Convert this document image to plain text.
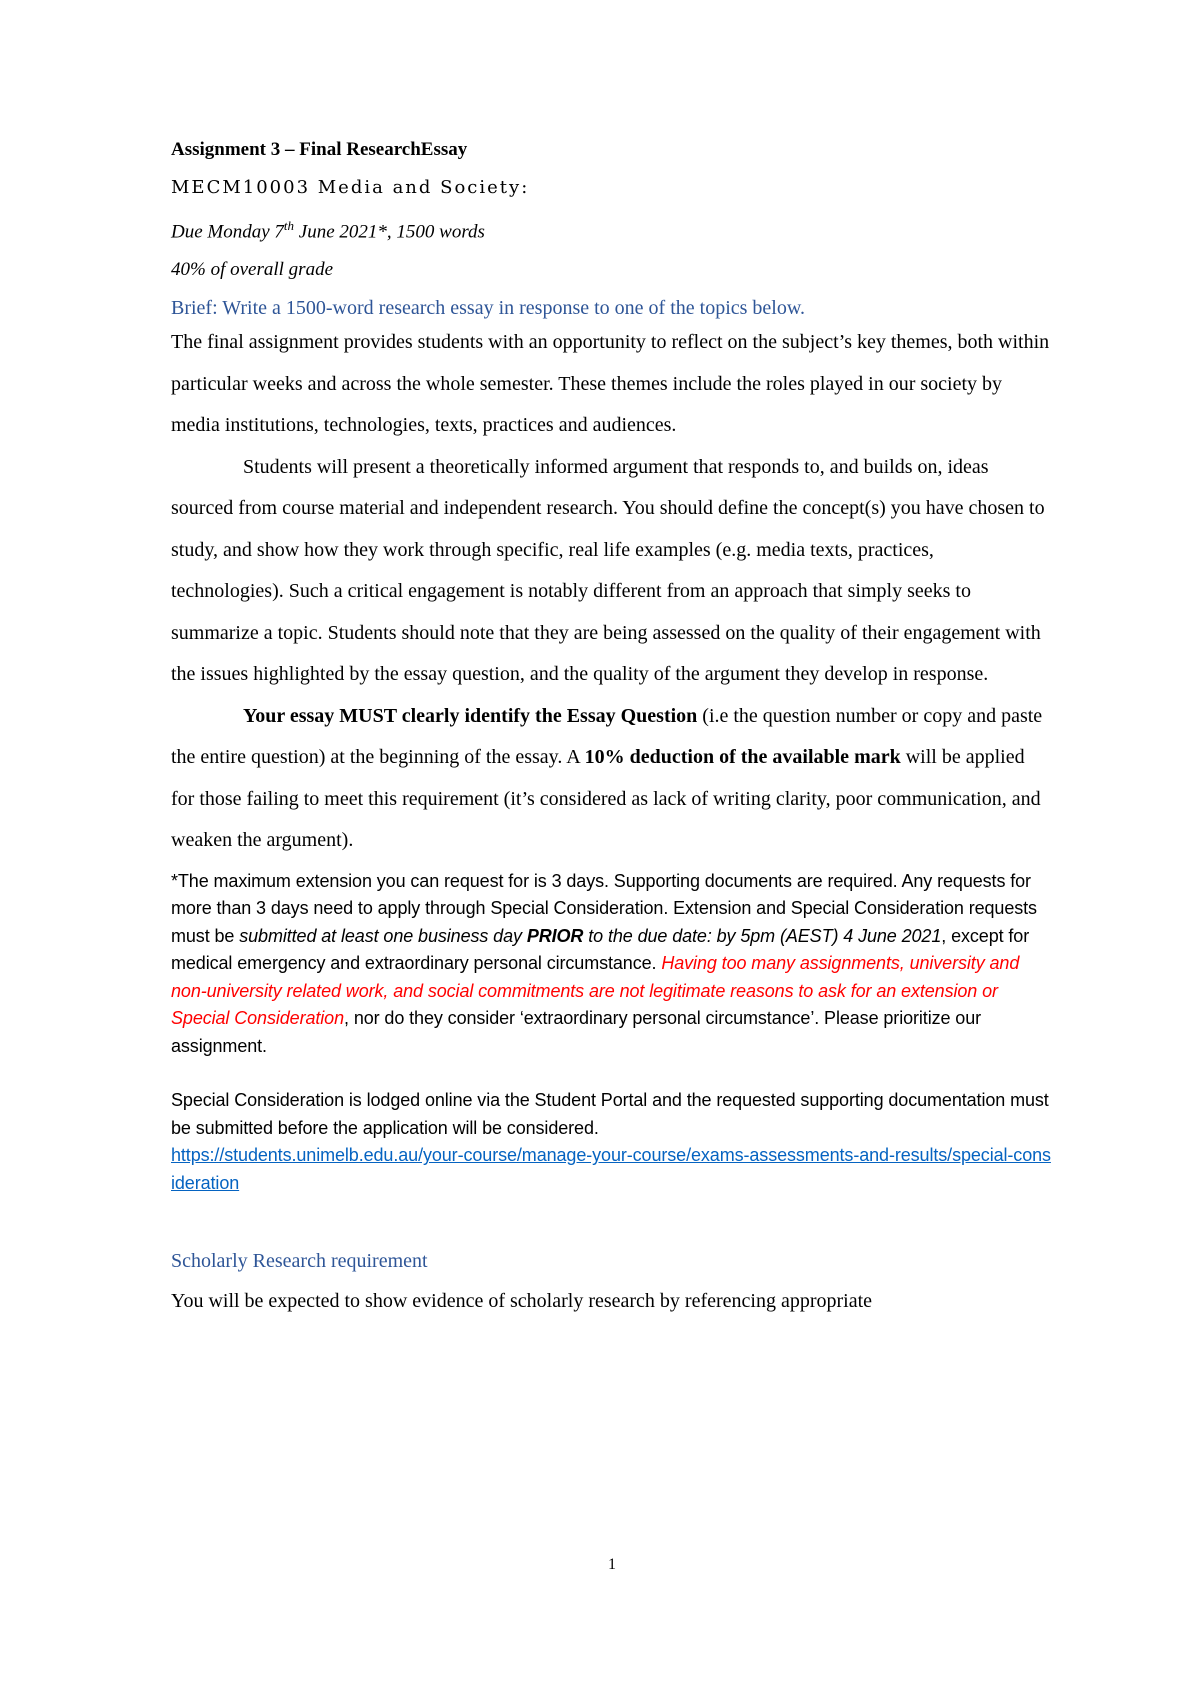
Assignment 3 – Final ResearchEssay

MECM10003 Media and Society:

Due Monday 7th June 2021*, 1500 words

40% of overall grade

Brief: Write a 1500-word research essay in response to one of the topics below.

The final assignment provides students with an opportunity to reflect on the subject’s key themes, both within particular weeks and across the whole semester. These themes include the roles played in our society by media institutions, technologies, texts, practices and audiences.

Students will present a theoretically informed argument that responds to, and builds on, ideas sourced from course material and independent research. You should define the concept(s) you have chosen to study, and show how they work through specific, real life examples (e.g. media texts, practices, technologies). Such a critical engagement is notably different from an approach that simply seeks to summarize a topic. Students should note that they are being assessed on the quality of their engagement with the issues highlighted by the essay question, and the quality of the argument they develop in response.

Your essay MUST clearly identify the Essay Question (i.e the question number or copy and paste the entire question) at the beginning of the essay. A 10% deduction of the available mark will be applied for those failing to meet this requirement (it’s considered as lack of writing clarity, poor communication, and weaken the argument).

*The maximum extension you can request for is 3 days. Supporting documents are required. Any requests for more than 3 days need to apply through Special Consideration. Extension and Special Consideration requests must be submitted at least one business day PRIOR to the due date: by 5pm (AEST) 4 June 2021, except for medical emergency and extraordinary personal circumstance. Having too many assignments, university and non-university related work, and social commitments are not legitimate reasons to ask for an extension or Special Consideration, nor do they consider ‘extraordinary personal circumstance’. Please prioritize our assignment.

Special Consideration is lodged online via the Student Portal and the requested supporting documentation must be submitted before the application will be considered.
https://students.unimelb.edu.au/your-course/manage-your-course/exams-assessments-and-results/special-consideration

Scholarly Research requirement

You will be expected to show evidence of scholarly research by referencing appropriate

1
